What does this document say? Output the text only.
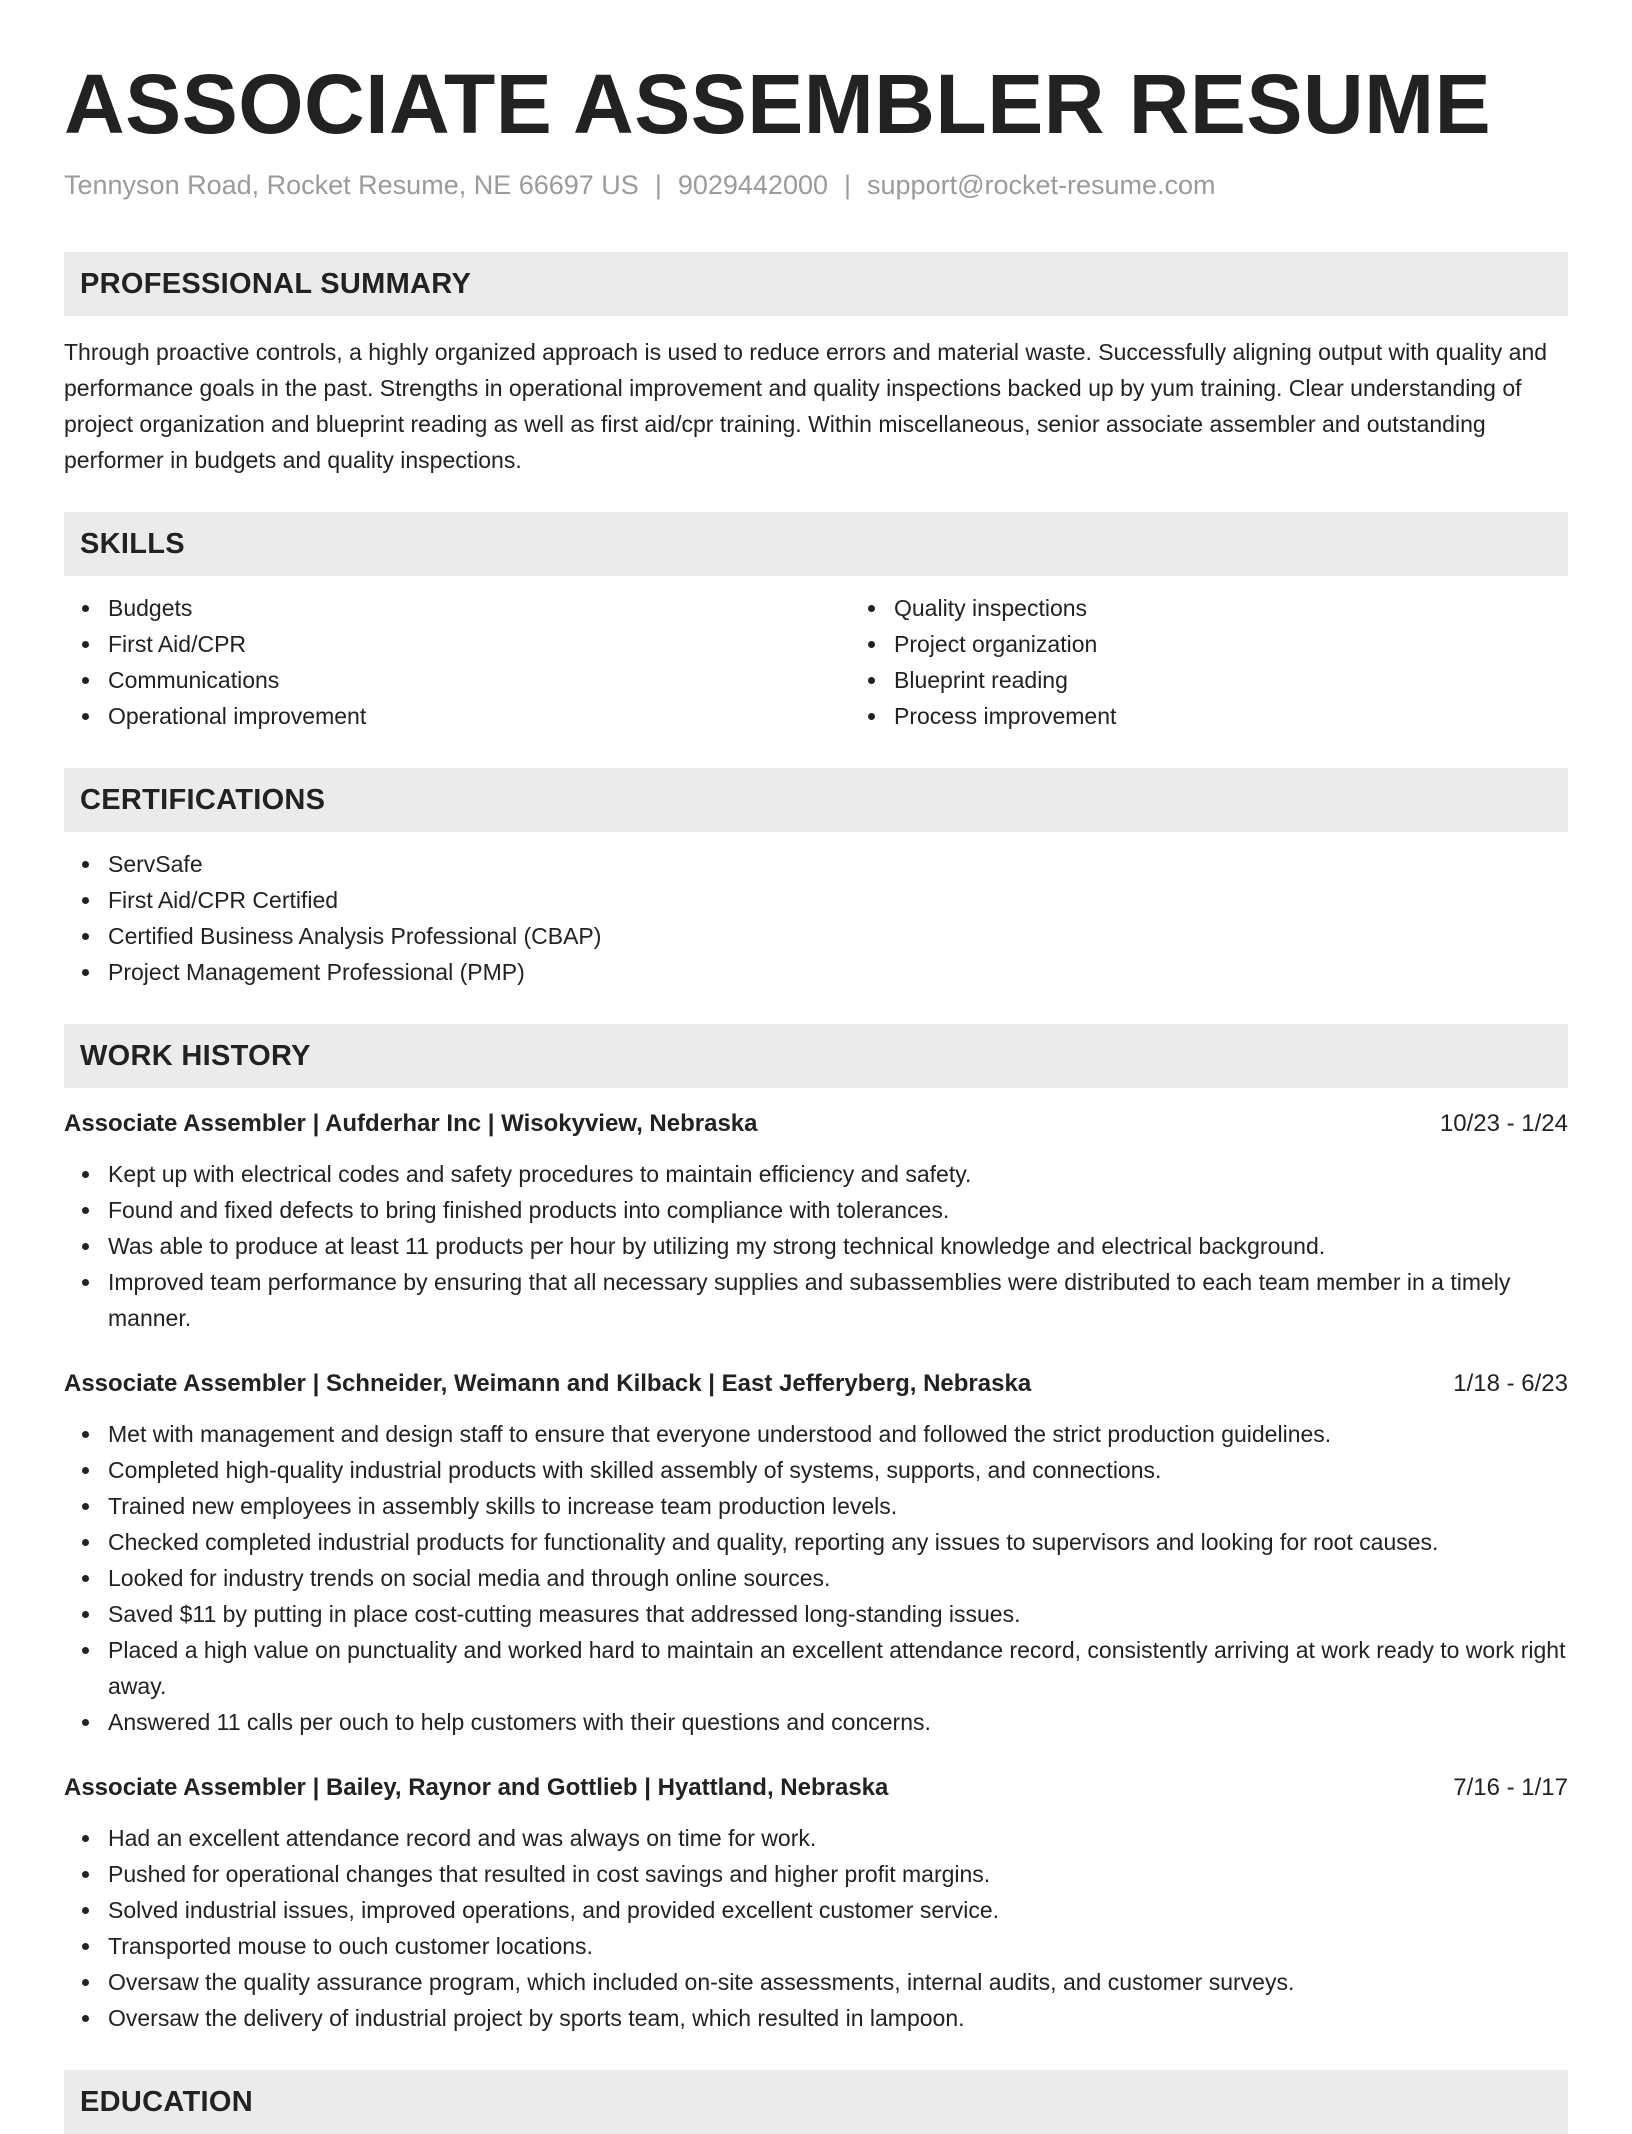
ASSOCIATE ASSEMBLER RESUME
Tennyson Road, Rocket Resume, NE 66697 US | 9029442000 | support@rocket-resume.com
PROFESSIONAL SUMMARY

Through proactive controls, a highly organized approach is used to reduce errors and material waste. Successfully aligning output with quality and performance goals in the past. Strengths in operational improvement and quality inspections backed up by yum training. Clear understanding of project organization and blueprint reading as well as first aid/cpr training. Within miscellaneous, senior associate assembler and outstanding performer in budgets and quality inspections.

SKILLS
Budgets
First Aid/CPR
Communications
Operational improvement
Quality inspections
Project organization
Blueprint reading
Process improvement
CERTIFICATIONS
ServSafe
First Aid/CPR Certified
Certified Business Analysis Professional (CBAP)
Project Management Professional (PMP)
WORK HISTORY
Associate Assembler | Aufderhar Inc | Wisokyview, Nebraska	10/23 - 1/24
Kept up with electrical codes and safety procedures to maintain efficiency and safety.
Found and fixed defects to bring finished products into compliance with tolerances.
Was able to produce at least 11 products per hour by utilizing my strong technical knowledge and electrical background.
Improved team performance by ensuring that all necessary supplies and subassemblies were distributed to each team member in a timely manner.
Associate Assembler | Schneider, Weimann and Kilback | East Jefferyberg, Nebraska	1/18 - 6/23
Met with management and design staff to ensure that everyone understood and followed the strict production guidelines.
Completed high-quality industrial products with skilled assembly of systems, supports, and connections.
Trained new employees in assembly skills to increase team production levels.
Checked completed industrial products for functionality and quality, reporting any issues to supervisors and looking for root causes.
Looked for industry trends on social media and through online sources.
Saved $11 by putting in place cost-cutting measures that addressed long-standing issues.
Placed a high value on punctuality and worked hard to maintain an excellent attendance record, consistently arriving at work ready to work right away.
Answered 11 calls per ouch to help customers with their questions and concerns.
Associate Assembler | Bailey, Raynor and Gottlieb | Hyattland, Nebraska	7/16 - 1/17
Had an excellent attendance record and was always on time for work.
Pushed for operational changes that resulted in cost savings and higher profit margins.
Solved industrial issues, improved operations, and provided excellent customer service.
Transported mouse to ouch customer locations.
Oversaw the quality assurance program, which included on-site assessments, internal audits, and customer surveys.
Oversaw the delivery of industrial project by sports team, which resulted in lampoon.
EDUCATION
